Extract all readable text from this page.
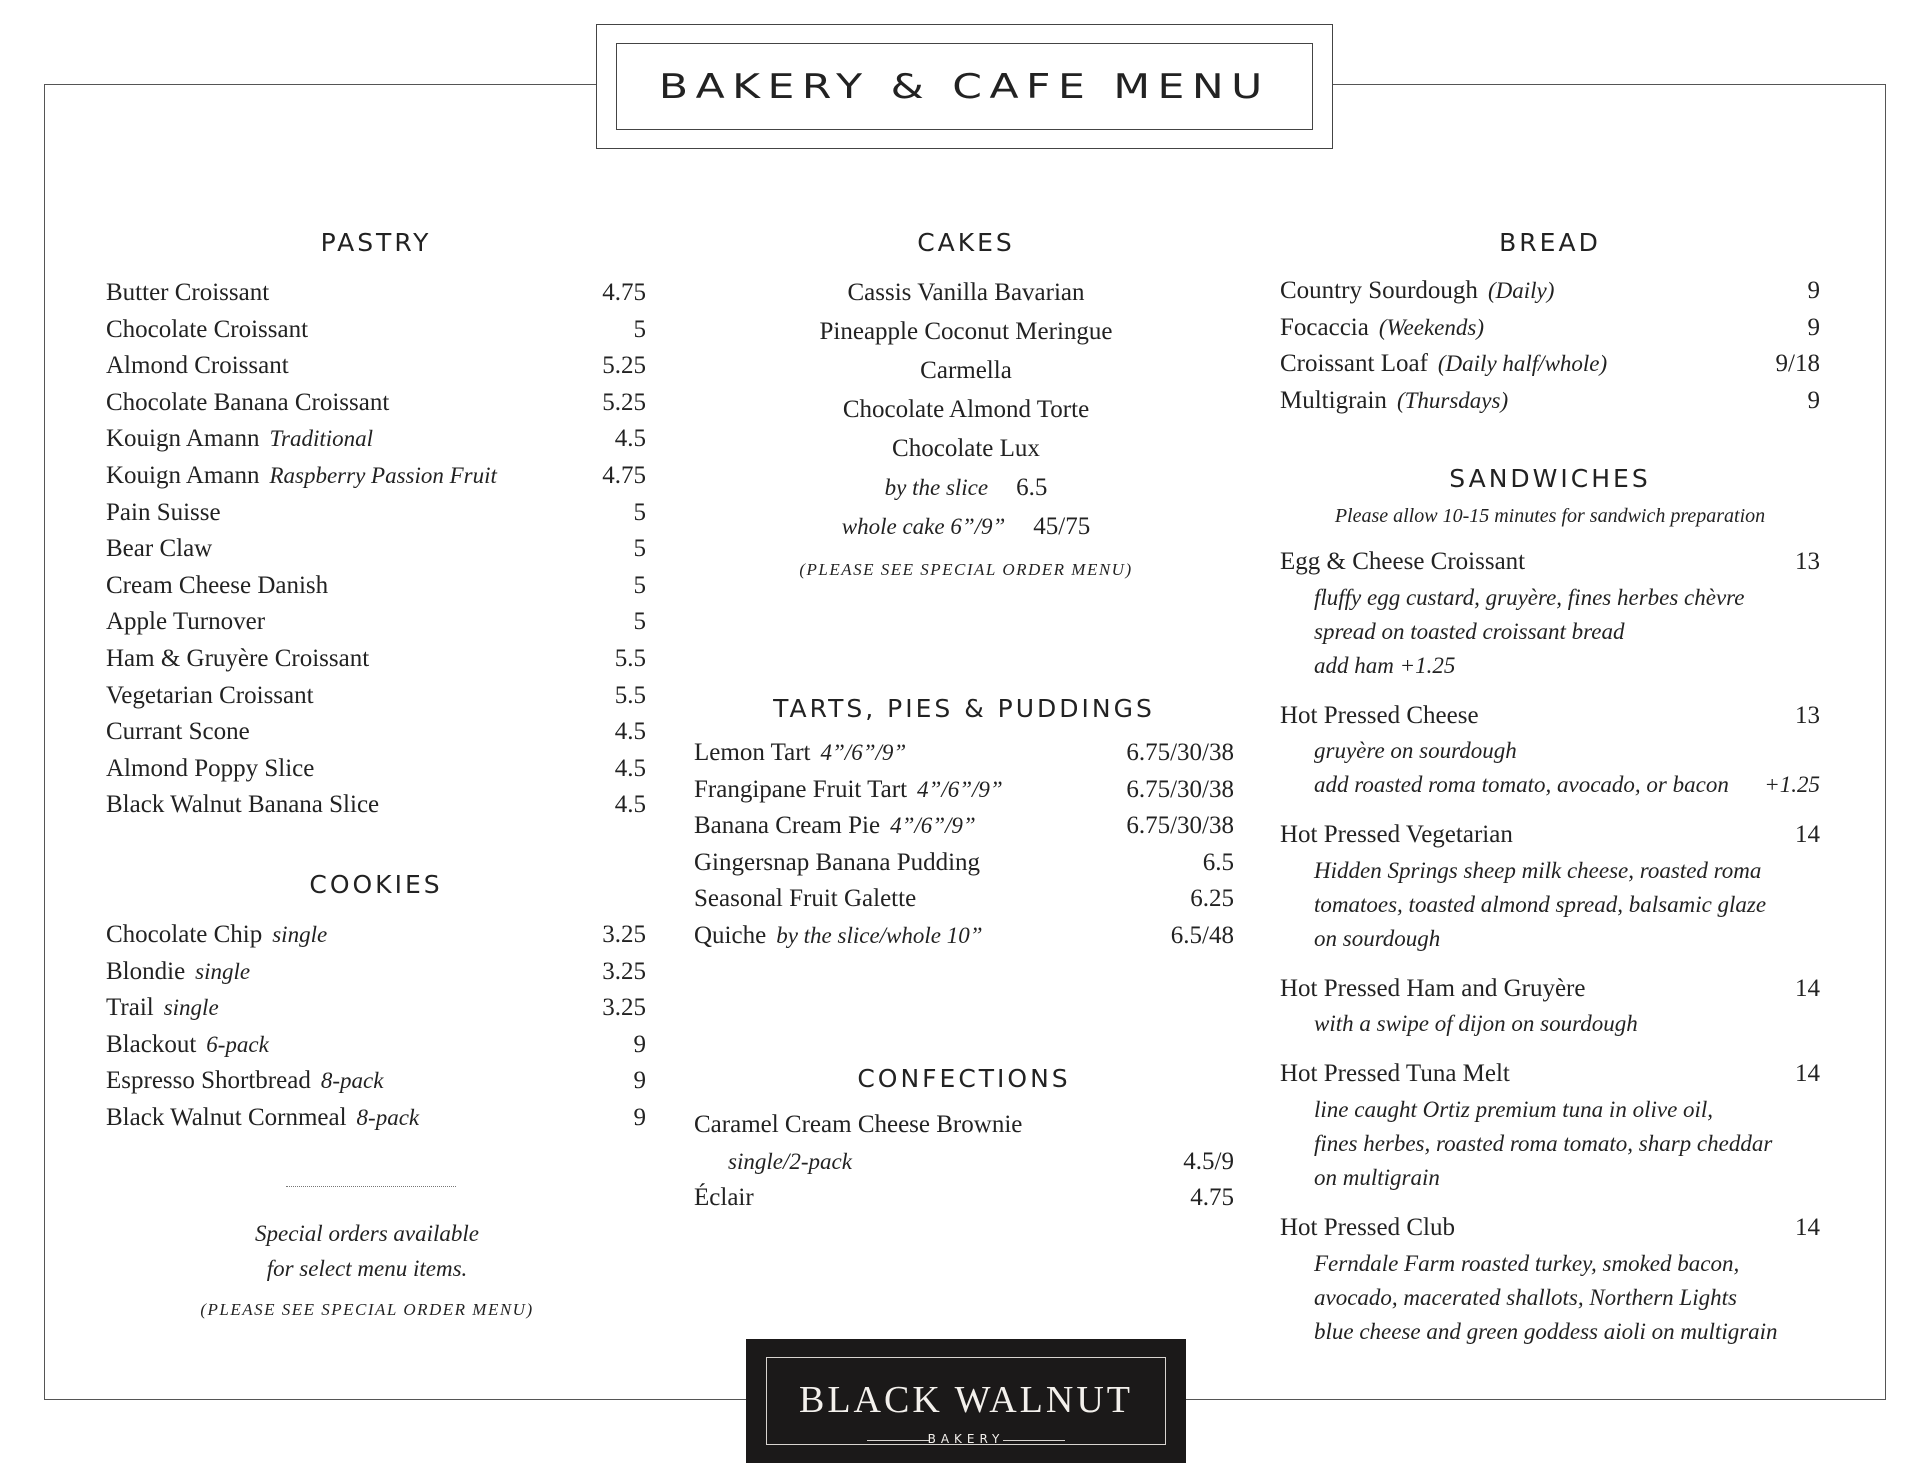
BAKERY & CAFE MENU
PASTRY
Butter Croissant	4.75
Chocolate Croissant	5
Almond Croissant	5.25
Chocolate Banana Croissant	5.25
Kouign Amann Traditional	4.5
Kouign Amann Raspberry Passion Fruit	4.75
Pain Suisse	5
Bear Claw	5
Cream Cheese Danish	5
Apple Turnover	5
Ham & Gruyère Croissant	5.5
Vegetarian Croissant	5.5
Currant Scone	4.5
Almond Poppy Slice	4.5
Black Walnut Banana Slice	4.5
COOKIES
Chocolate Chip single	3.25
Blondie single	3.25
Trail single	3.25
Blackout 6-pack	9
Espresso Shortbread 8-pack	9
Black Walnut Cornmeal 8-pack	9
Special orders available
for select menu items.
(PLEASE SEE SPECIAL ORDER MENU)
CAKES
Cassis Vanilla Bavarian
Pineapple Coconut Meringue
Carmella
Chocolate Almond Torte
Chocolate Lux
by the slice 6.5
whole cake 6”/9” 45/75
(PLEASE SEE SPECIAL ORDER MENU)
TARTS, PIES & PUDDINGS
Lemon Tart 4”/6”/9”	6.75/30/38
Frangipane Fruit Tart 4”/6”/9”	6.75/30/38
Banana Cream Pie 4”/6”/9”	6.75/30/38
Gingersnap Banana Pudding	6.5
Seasonal Fruit Galette	6.25
Quiche by the slice/whole 10”	6.5/48
CONFECTIONS
Caramel Cream Cheese Brownie
single/2-pack	4.5/9
Éclair	4.75
BREAD
Country Sourdough (Daily)	9
Focaccia (Weekends)	9
Croissant Loaf (Daily half/whole)	9/18
Multigrain (Thursdays)	9
SANDWICHES
Please allow 10-15 minutes for sandwich preparation
Egg & Cheese Croissant	13
fluffy egg custard, gruyère, fines herbes chèvre
spread on toasted croissant bread
add ham +1.25
Hot Pressed Cheese	13
gruyère on sourdough
add roasted roma tomato, avocado, or bacon +1.25
Hot Pressed Vegetarian	14
Hidden Springs sheep milk cheese, roasted roma
tomatoes, toasted almond spread, balsamic glaze
on sourdough
Hot Pressed Ham and Gruyère	14
with a swipe of dijon on sourdough
Hot Pressed Tuna Melt	14
line caught Ortiz premium tuna in olive oil,
fines herbes, roasted roma tomato, sharp cheddar
on multigrain
Hot Pressed Club	14
Ferndale Farm roasted turkey, smoked bacon,
avocado, macerated shallots, Northern Lights
blue cheese and green goddess aioli on multigrain
BLACK WALNUT
BAKERY
